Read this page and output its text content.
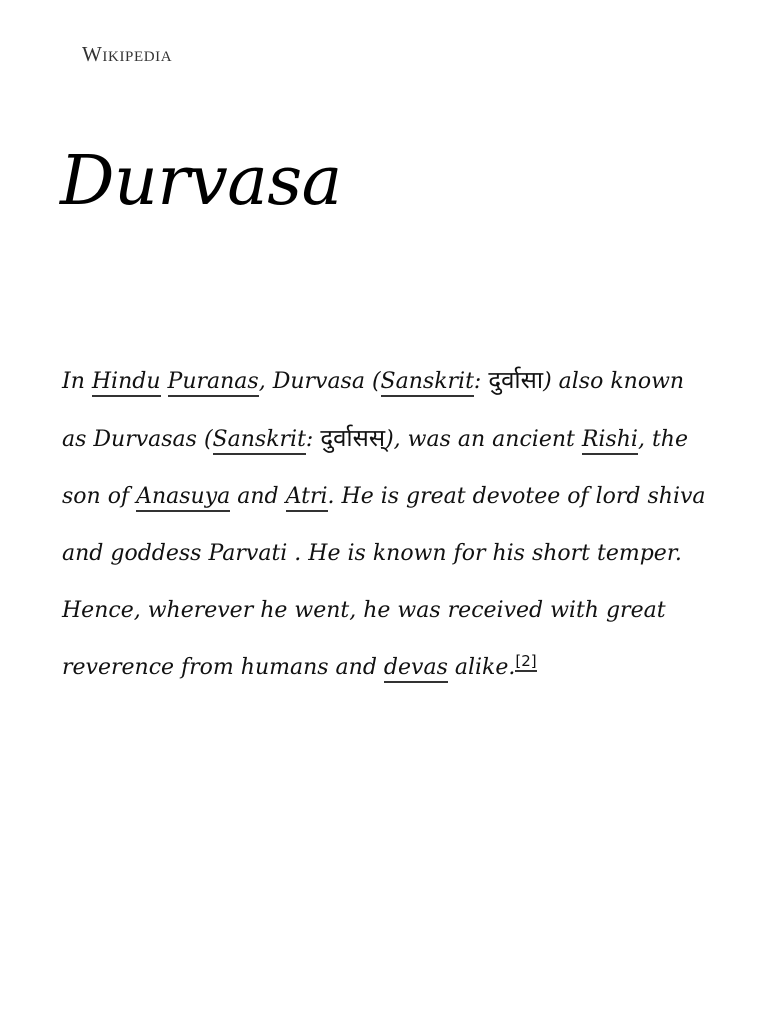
Wikipedia
Durvasa

In Hindu Puranas, Durvasa (Sanskrit: दुर्वासा) also known as Durvasas (Sanskrit: दुर्वासस्), was an ancient Rishi, the son of Anasuya and Atri. He is great devotee of lord shiva and goddess Parvati . He is known for his short temper. Hence, wherever he went, he was received with great reverence from humans and devas alike.[2]
